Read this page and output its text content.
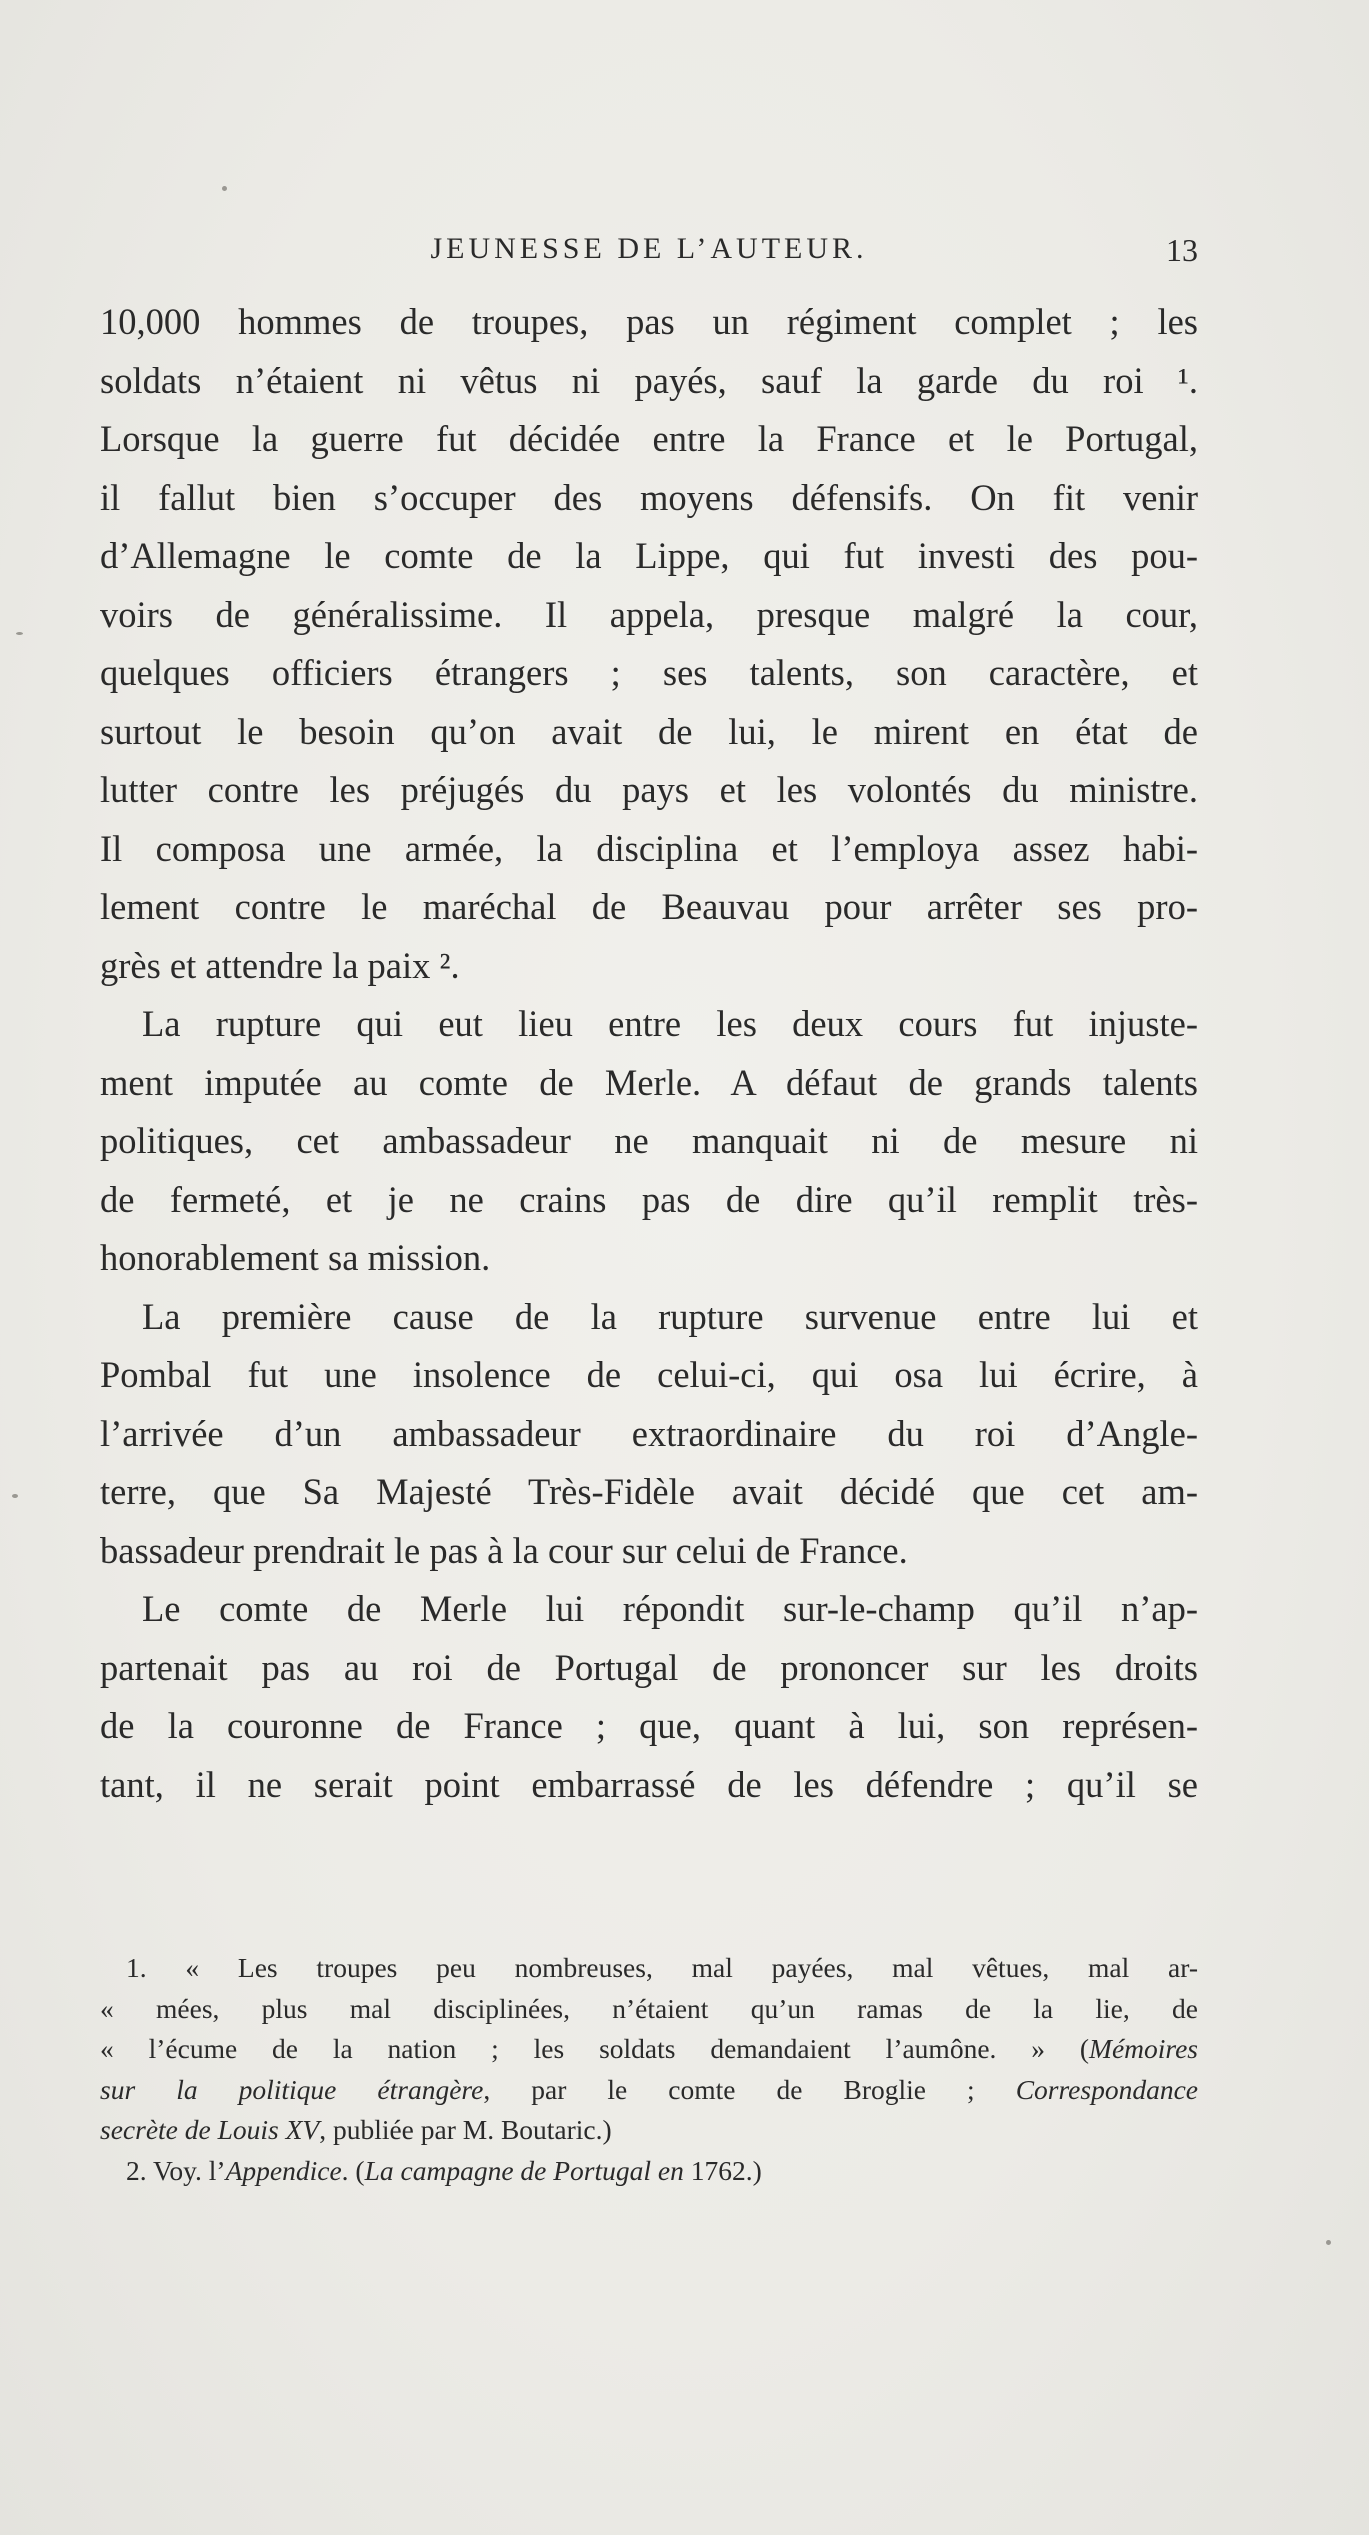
JEUNESSE DE L’AUTEUR.	13
10,000 hommes de troupes, pas un régiment complet ; les
soldats n’étaient ni vêtus ni payés, sauf la garde du roi ¹.
Lorsque la guerre fut décidée entre la France et le Portugal,
il fallut bien s’occuper des moyens défensifs. On fit venir
d’Allemagne le comte de la Lippe, qui fut investi des pou-
voirs de généralissime. Il appela, presque malgré la cour,
quelques officiers étrangers ; ses talents, son caractère, et
surtout le besoin qu’on avait de lui, le mirent en état de
lutter contre les préjugés du pays et les volontés du ministre.
Il composa une armée, la disciplina et l’employa assez habi-
lement contre le maréchal de Beauvau pour arrêter ses pro-
grès et attendre la paix ².
La rupture qui eut lieu entre les deux cours fut injuste-
ment imputée au comte de Merle. A défaut de grands talents
politiques, cet ambassadeur ne manquait ni de mesure ni
de fermeté, et je ne crains pas de dire qu’il remplit très-
honorablement sa mission.
La première cause de la rupture survenue entre lui et
Pombal fut une insolence de celui-ci, qui osa lui écrire, à
l’arrivée d’un ambassadeur extraordinaire du roi d’Angle-
terre, que Sa Majesté Très-Fidèle avait décidé que cet am-
bassadeur prendrait le pas à la cour sur celui de France.
Le comte de Merle lui répondit sur-le-champ qu’il n’ap-
partenait pas au roi de Portugal de prononcer sur les droits
de la couronne de France ; que, quant à lui, son représen-
tant, il ne serait point embarrassé de les défendre ; qu’il se
1. « Les troupes peu nombreuses, mal payées, mal vêtues, mal ar-
« mées, plus mal disciplinées, n’étaient qu’un ramas de la lie, de
« l’écume de la nation ; les soldats demandaient l’aumône. » (Mémoires
sur la politique étrangère, par le comte de Broglie ; Correspondance
secrète de Louis XV, publiée par M. Boutaric.)
2. Voy. l’Appendice. (La campagne de Portugal en 1762.)
